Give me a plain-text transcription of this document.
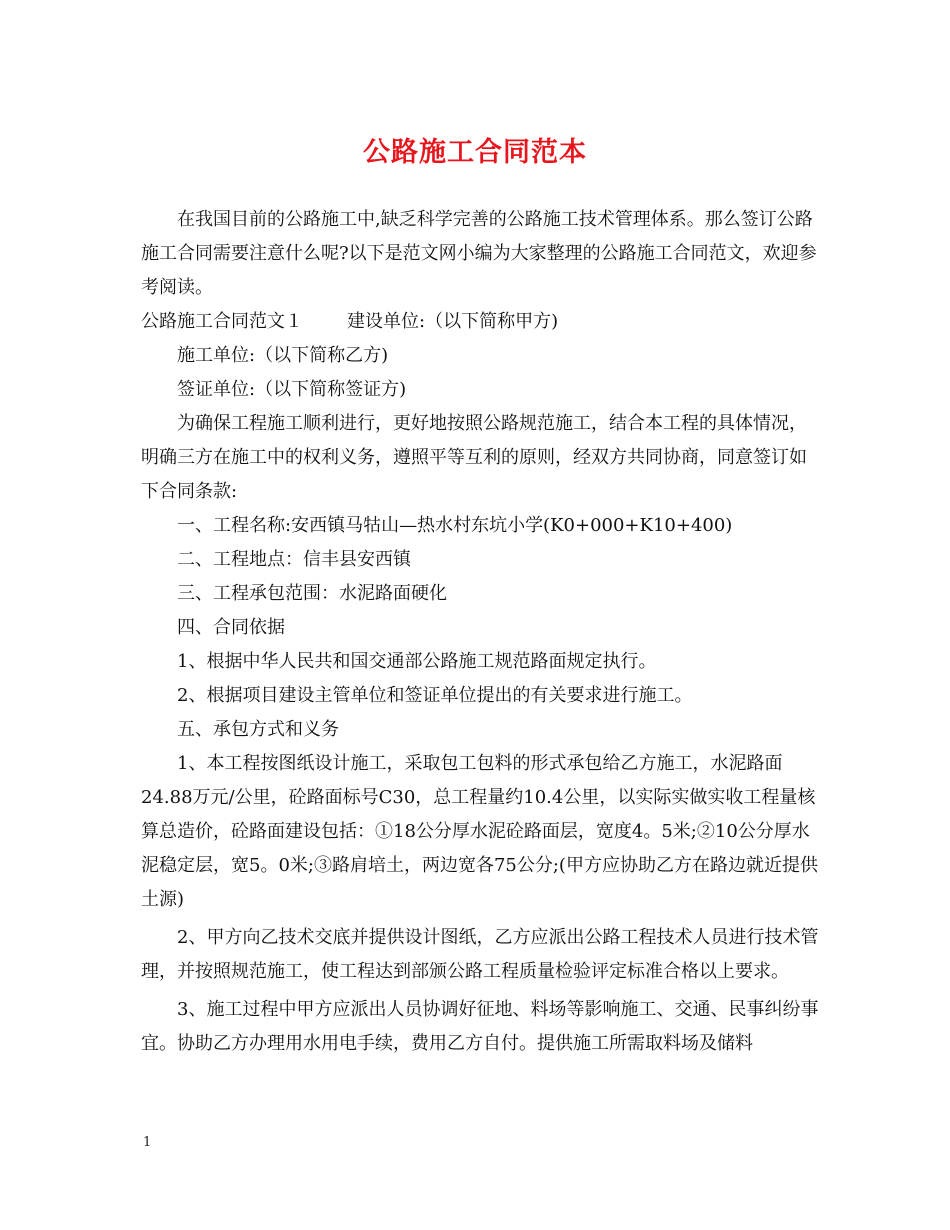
公路施工合同范本

在我国目前的公路施工中,缺乏科学完善的公路施工技术管理体系。那么签订公路施工合同需要注意什么呢?以下是范文网小编为大家整理的公路施工合同范文，欢迎参考阅读。

公路施工合同范文１ 建设单位:（以下简称甲方)

施工单位:（以下简称乙方)

签证单位:（以下简称签证方)

为确保工程施工顺利进行，更好地按照公路规范施工，结合本工程的具体情况，明确三方在施工中的权利义务，遵照平等互利的原则，经双方共同协商，同意签订如下合同条款:

一、工程名称:安西镇马牯山—热水村东坑小学(K0+000+K10+400)

二、工程地点：信丰县安西镇

三、工程承包范围：水泥路面硬化

四、合同依据

1、根据中华人民共和国交通部公路施工规范路面规定执行。

2、根据项目建设主管单位和签证单位提出的有关要求进行施工。

五、承包方式和义务

1、本工程按图纸设计施工，采取包工包料的形式承包给乙方施工，水泥路面24.88万元/公里，砼路面标号C30，总工程量约10.4公里，以实际实做实收工程量核算总造价，砼路面建设包括：①18公分厚水泥砼路面层，宽度4。5米;②10公分厚水泥稳定层，宽5。0米;③路肩培土，两边宽各75公分;(甲方应协助乙方在路边就近提供土源)

2、甲方向乙技术交底并提供设计图纸，乙方应派出公路工程技术人员进行技术管理，并按照规范施工，使工程达到部颁公路工程质量检验评定标准合格以上要求。

3、施工过程中甲方应派出人员协调好征地、料场等影响施工、交通、民事纠纷事宜。协助乙方办理用水用电手续，费用乙方自付。提供施工所需取料场及储料

1
